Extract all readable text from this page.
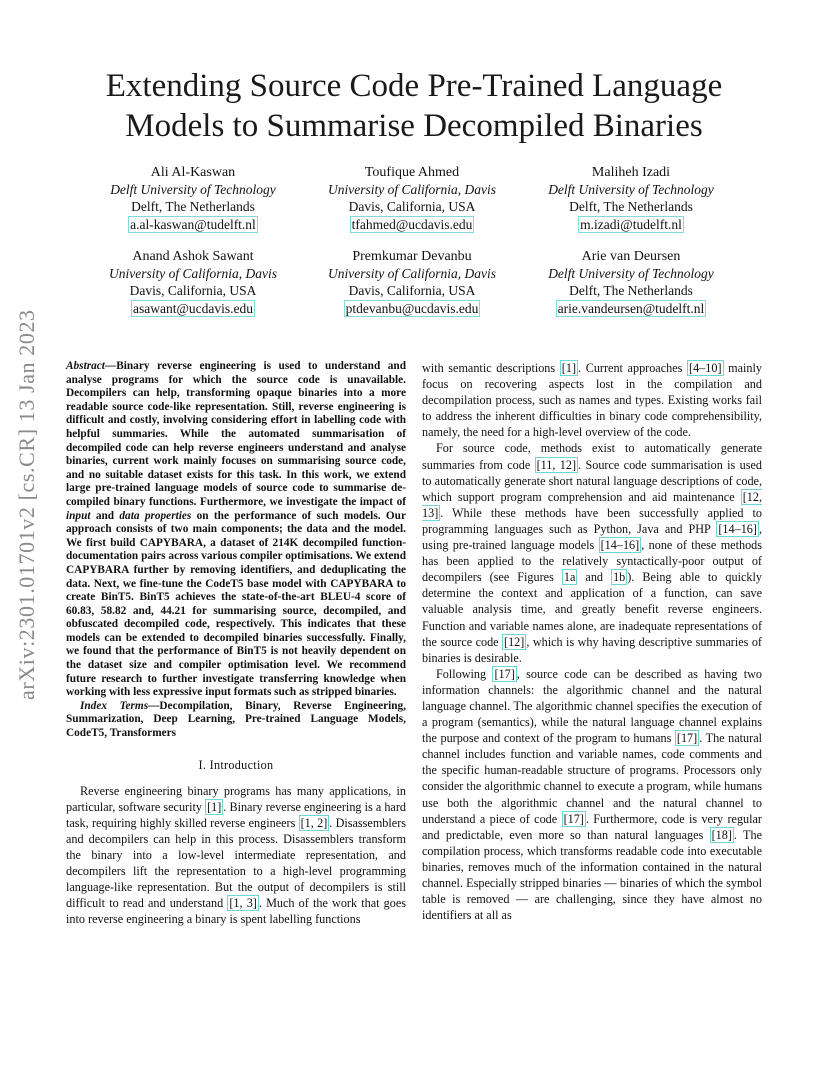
Extending Source Code Pre-Trained Language
Models to Summarise Decompiled Binaries
Ali Al-Kaswan
Delft University of Technology
Delft, The Netherlands
a.al-kaswan@tudelft.nl
Toufique Ahmed
University of California, Davis
Davis, California, USA
tfahmed@ucdavis.edu
Maliheh Izadi
Delft University of Technology
Delft, The Netherlands
m.izadi@tudelft.nl
Anand Ashok Sawant
University of California, Davis
Davis, California, USA
asawant@ucdavis.edu
Premkumar Devanbu
University of California, Davis
Davis, California, USA
ptdevanbu@ucdavis.edu
Arie van Deursen
Delft University of Technology
Delft, The Netherlands
arie.vandeursen@tudelft.nl
arXiv:2301.01701v2 [cs.CR] 13 Jan 2023 Abstract—Binary reverse engineering is used to understand and analyse programs for which the source code is unavailable. Decompilers can help, transforming opaque binaries into a more readable source code-like representation. Still, reverse engineering is difficult and costly, involving considering effort in labelling code with helpful summaries. While the automated summarisation of decompiled code can help reverse engineers understand and analyse binaries, current work mainly focuses on summarising source code, and no suitable dataset exists for this task. In this work, we extend large pre-trained language models of source code to summarise de-compiled binary functions. Furthermore, we investigate the impact of input and data properties on the performance of such models. Our approach consists of two main components; the data and the model. We first build CAPYBARA, a dataset of 214K decompiled function-documentation pairs across various compiler optimisations. We extend CAPYBARA further by removing identifiers, and deduplicating the data. Next, we fine-tune the CodeT5 base model with CAPYBARA to create BinT5. BinT5 achieves the state-of-the-art BLEU-4 score of 60.83, 58.82 and, 44.21 for summarising source, decompiled, and obfuscated decompiled code, respectively. This indicates that these models can be extended to decompiled binaries successfully. Finally, we found that the performance of BinT5 is not heavily dependent on the dataset size and compiler optimisation level. We recommend future research to further investigate transferring knowledge when working with less expressive input formats such as stripped binaries.

Index Terms—Decompilation, Binary, Reverse Engineering, Summarization, Deep Learning, Pre-trained Language Models, CodeT5, Transformers

I. Introduction

Reverse engineering binary programs has many applications, in particular, software security [1] . Binary reverse engineering is a hard task, requiring highly skilled reverse engineers [1, 2] . Disassemblers and decompilers can help in this process. Disassemblers transform the binary into a low-level intermediate representation, and decompilers lift the representation to a high-level programming language-like representation. But the output of decompilers is still difficult to read and understand [1, 3] . Much of the work that goes into reverse engineering a binary is spent labelling functions

with semantic descriptions [1] . Current approaches [4–10] mainly focus on recovering aspects lost in the compilation and decompilation process, such as names and types. Existing works fail to address the inherent difficulties in binary code comprehensibility, namely, the need for a high-level overview of the code.

For source code, methods exist to automatically generate summaries from code [11, 12] . Source code summarisation is used to automatically generate short natural language descriptions of code, which support program comprehension and aid maintenance [12, 13] . While these methods have been successfully applied to programming languages such as Python, Java and PHP [14–16] , using pre-trained language models [14–16] , none of these methods has been applied to the relatively syntactically-poor output of decompilers (see Figures 1a and 1b ). Being able to quickly determine the context and application of a function, can save valuable analysis time, and greatly benefit reverse engineers. Function and variable names alone, are inadequate representations of the source code [12] , which is why having descriptive summaries of binaries is desirable.

Following [17] , source code can be described as having two information channels: the algorithmic channel and the natural language channel. The algorithmic channel specifies the execution of a program (semantics), while the natural language channel explains the purpose and context of the program to humans [17] . The natural channel includes function and variable names, code comments and the specific human-readable structure of programs. Processors only consider the algorithmic channel to execute a program, while humans use both the algorithmic channel and the natural channel to understand a piece of code [17] . Furthermore, code is very regular and predictable, even more so than natural languages [18] . The compilation process, which transforms readable code into executable binaries, removes much of the information contained in the natural channel. Especially stripped binaries — binaries of which the symbol table is removed — are challenging, since they have almost no identifiers at all as
